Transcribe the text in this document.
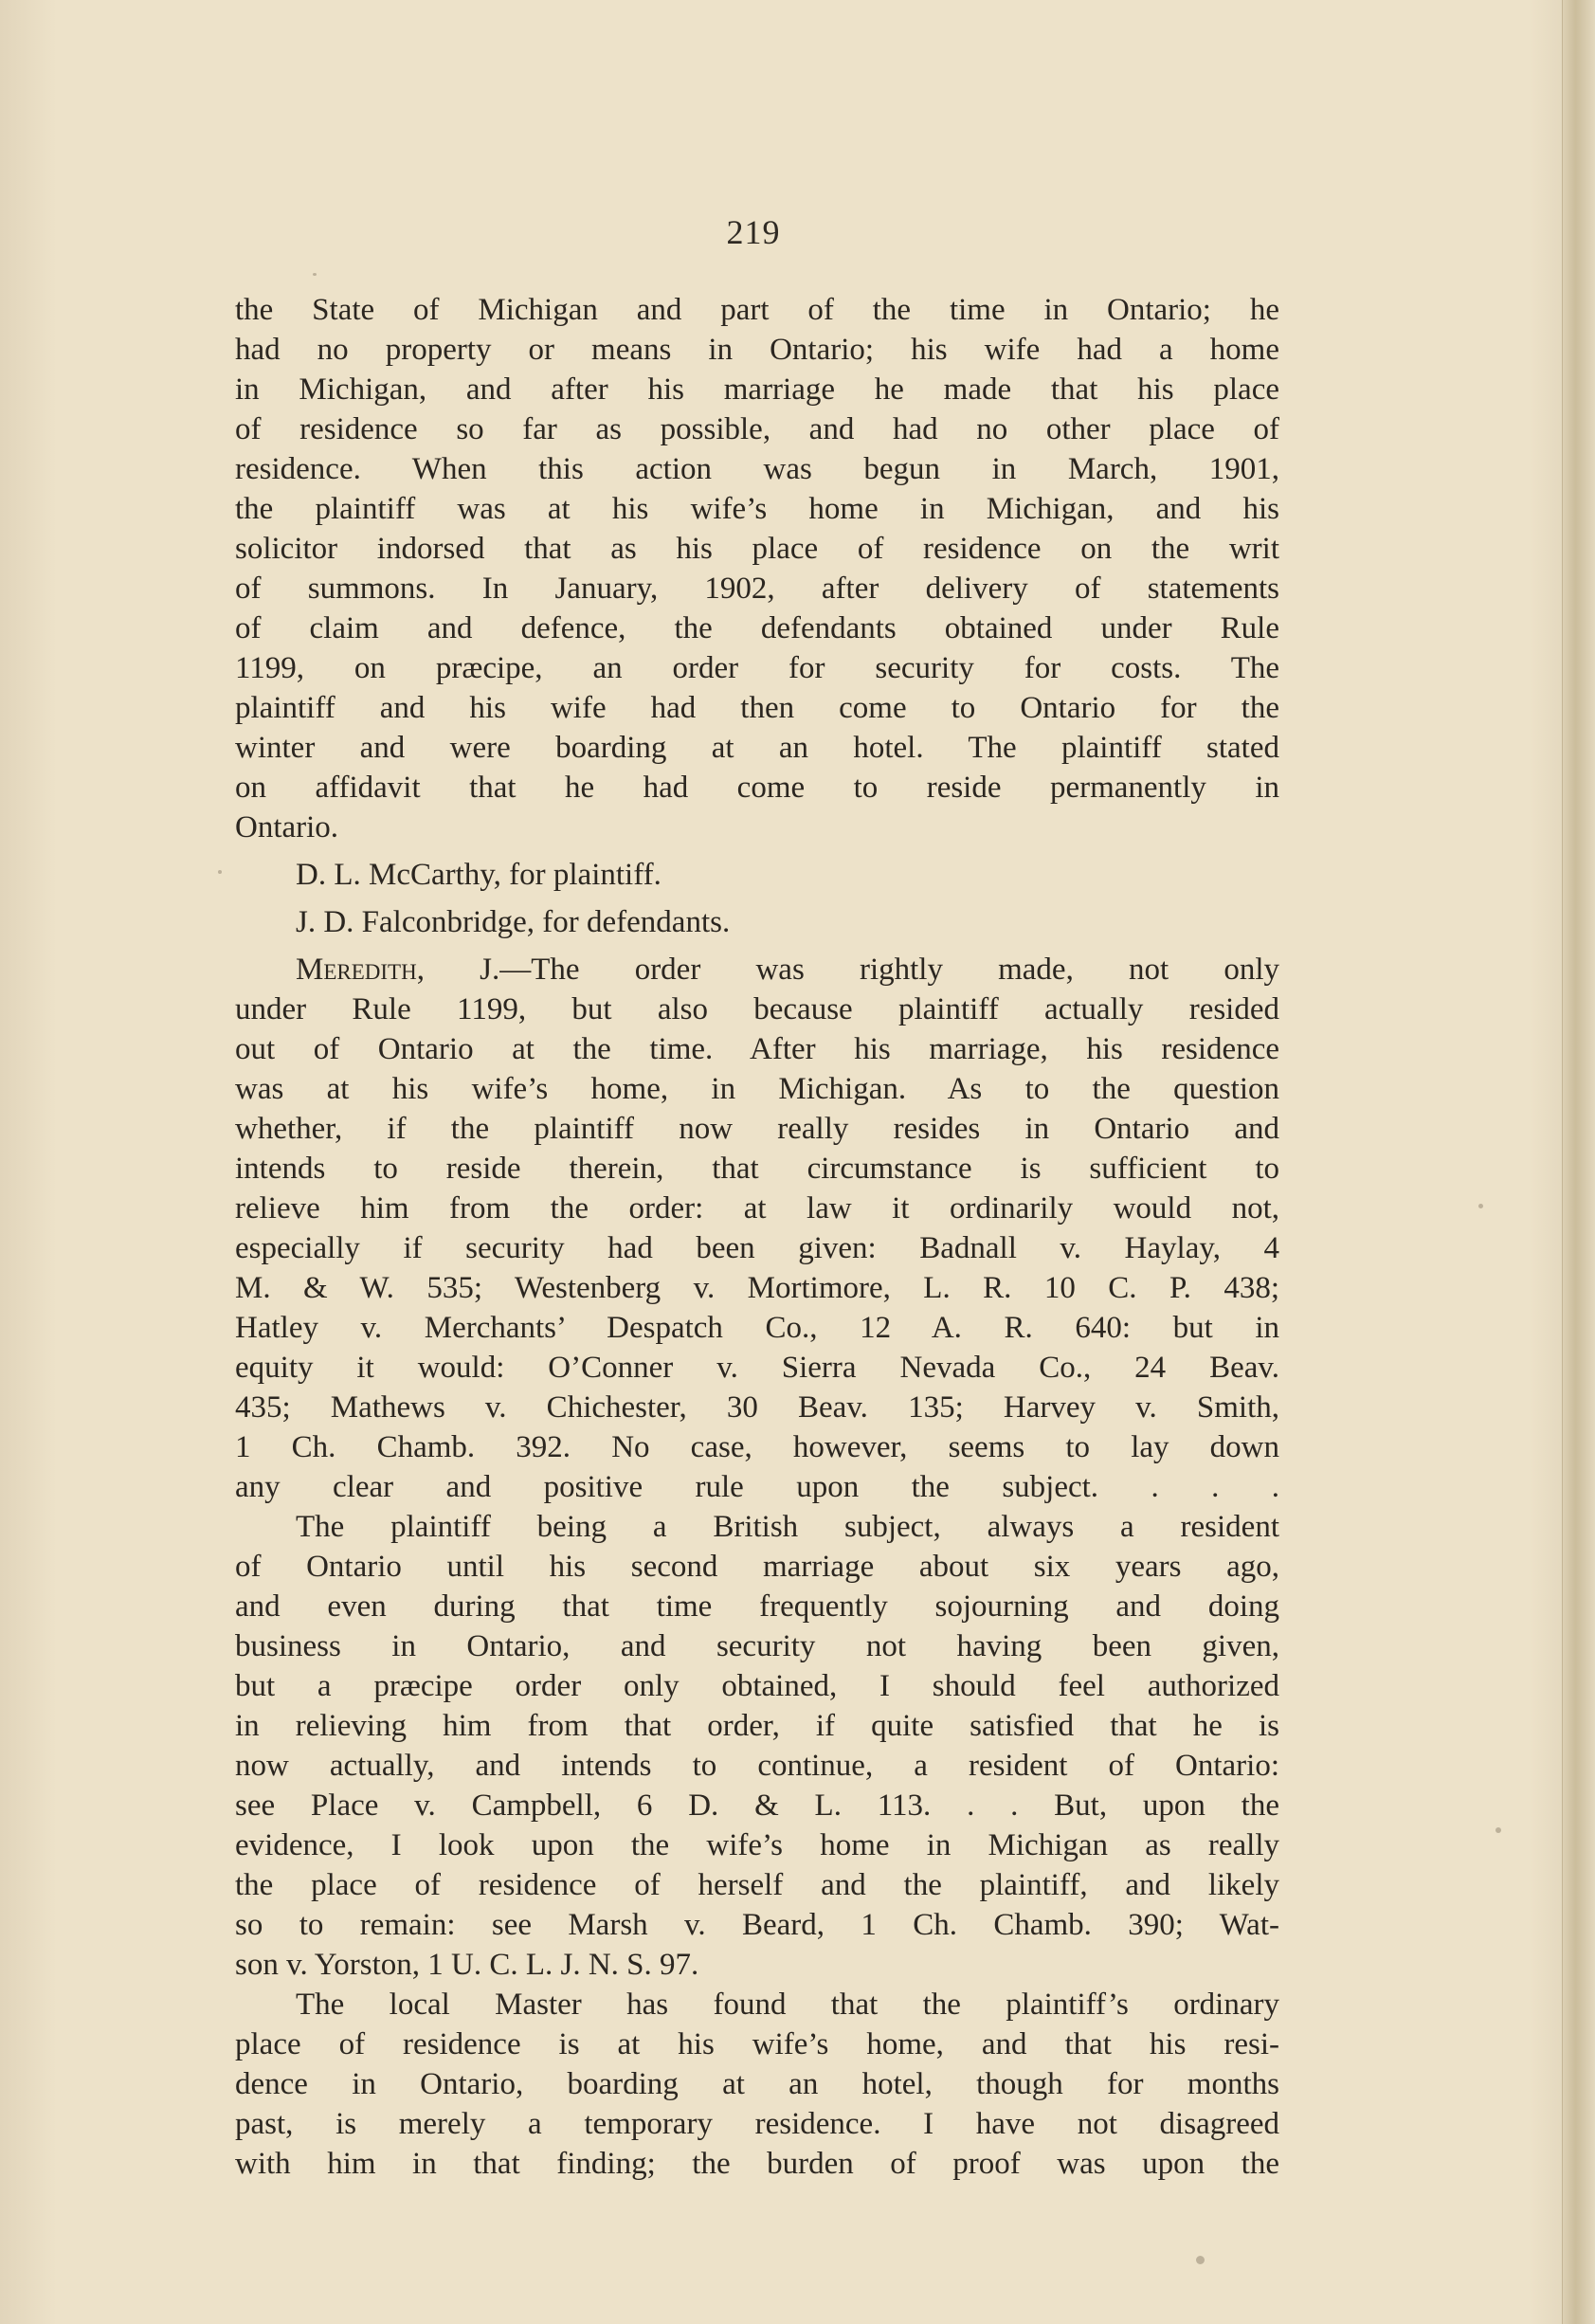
219
the State of Michigan and part of the time in Ontario; he
had no property or means in Ontario; his wife had a home
in Michigan, and after his marriage he made that his place
of residence so far as possible, and had no other place of
residence. When this action was begun in March, 1901,
the plaintiff was at his wife’s home in Michigan, and his
solicitor indorsed that as his place of residence on the writ
of summons. In January, 1902, after delivery of statements
of claim and defence, the defendants obtained under Rule
1199, on præcipe, an order for security for costs. The
plaintiff and his wife had then come to Ontario for the
winter and were boarding at an hotel. The plaintiff stated
on affidavit that he had come to reside permanently in
Ontario.
D. L. McCarthy, for plaintiff.
J. D. Falconbridge, for defendants.
Meredith, J.—The order was rightly made, not only
under Rule 1199, but also because plaintiff actually resided
out of Ontario at the time. After his marriage, his residence
was at his wife’s home, in Michigan. As to the question
whether, if the plaintiff now really resides in Ontario and
intends to reside therein, that circumstance is sufficient to
relieve him from the order: at law it ordinarily would not,
especially if security had been given: Badnall v. Haylay, 4
M. & W. 535; Westenberg v. Mortimore, L. R. 10 C. P. 438;
Hatley v. Merchants’ Despatch Co., 12 A. R. 640: but in
equity it would: O’Conner v. Sierra Nevada Co., 24 Beav.
435; Mathews v. Chichester, 30 Beav. 135; Harvey v. Smith,
1 Ch. Chamb. 392. No case, however, seems to lay down
any clear and positive rule upon the subject. . . .
The plaintiff being a British subject, always a resident
of Ontario until his second marriage about six years ago,
and even during that time frequently sojourning and doing
business in Ontario, and security not having been given,
but a præcipe order only obtained, I should feel authorized
in relieving him from that order, if quite satisfied that he is
now actually, and intends to continue, a resident of Ontario:
see Place v. Campbell, 6 D. & L. 113. . . But, upon the
evidence, I look upon the wife’s home in Michigan as really
the place of residence of herself and the plaintiff, and likely
so to remain: see Marsh v. Beard, 1 Ch. Chamb. 390; Wat-
son v. Yorston, 1 U. C. L. J. N. S. 97.
The local Master has found that the plaintiff’s ordinary
place of residence is at his wife’s home, and that his resi-
dence in Ontario, boarding at an hotel, though for months
past, is merely a temporary residence. I have not disagreed
with him in that finding; the burden of proof was upon the
